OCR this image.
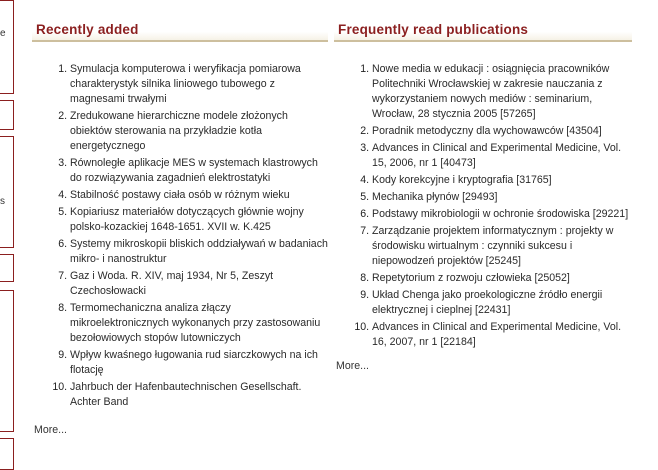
e
s
Recently added
1. Symulacja komputerowa i weryfikacja pomiarowa charakterystyk silnika liniowego tubowego z magnesami trwałymi
2. Zredukowane hierarchiczne modele złożonych obiektów sterowania na przykładzie kotła energetycznego
3. Równoległe aplikacje MES w systemach klastrowych do rozwiązywania zagadnień elektrostatyki
4. Stabilność postawy ciała osób w różnym wieku
5. Kopiariusz materiałów dotyczących głównie wojny polsko-kozackiej 1648-1651. XVII w. K.425
6. Systemy mikroskopii bliskich oddziaływań w badaniach mikro- i nanostruktur
7. Gaz i Woda. R. XIV, maj 1934, Nr 5, Zeszyt Czechosłowacki
8. Termomechaniczna analiza złączy mikroelektronicznych wykonanych przy zastosowaniu bezołowiowych stopów lutowniczych
9. Wpływ kwaśnego ługowania rud siarczkowych na ich flotację
10. Jahrbuch der Hafenbautechnischen Gesellschaft. Achter Band
More...
Frequently read publications
1. Nowe media w edukacji : osiągnięcia pracowników Politechniki Wrocławskiej w zakresie nauczania z wykorzystaniem nowych mediów : seminarium, Wrocław, 28 stycznia 2005 [57265]
2. Poradnik metodyczny dla wychowawców [43504]
3. Advances in Clinical and Experimental Medicine, Vol. 15, 2006, nr 1 [40473]
4. Kody korekcyjne i kryptografia [31765]
5. Mechanika płynów [29493]
6. Podstawy mikrobiologii w ochronie środowiska [29221]
7. Zarządzanie projektem informatycznym : projekty w środowisku wirtualnym : czynniki sukcesu i niepowodzeń projektów [25245]
8. Repetytorium z rozwoju człowieka [25052]
9. Układ Chenga jako proekologiczne źródło energii elektrycznej i cieplnej [22431]
10. Advances in Clinical and Experimental Medicine, Vol. 16, 2007, nr 1 [22184]
More...
